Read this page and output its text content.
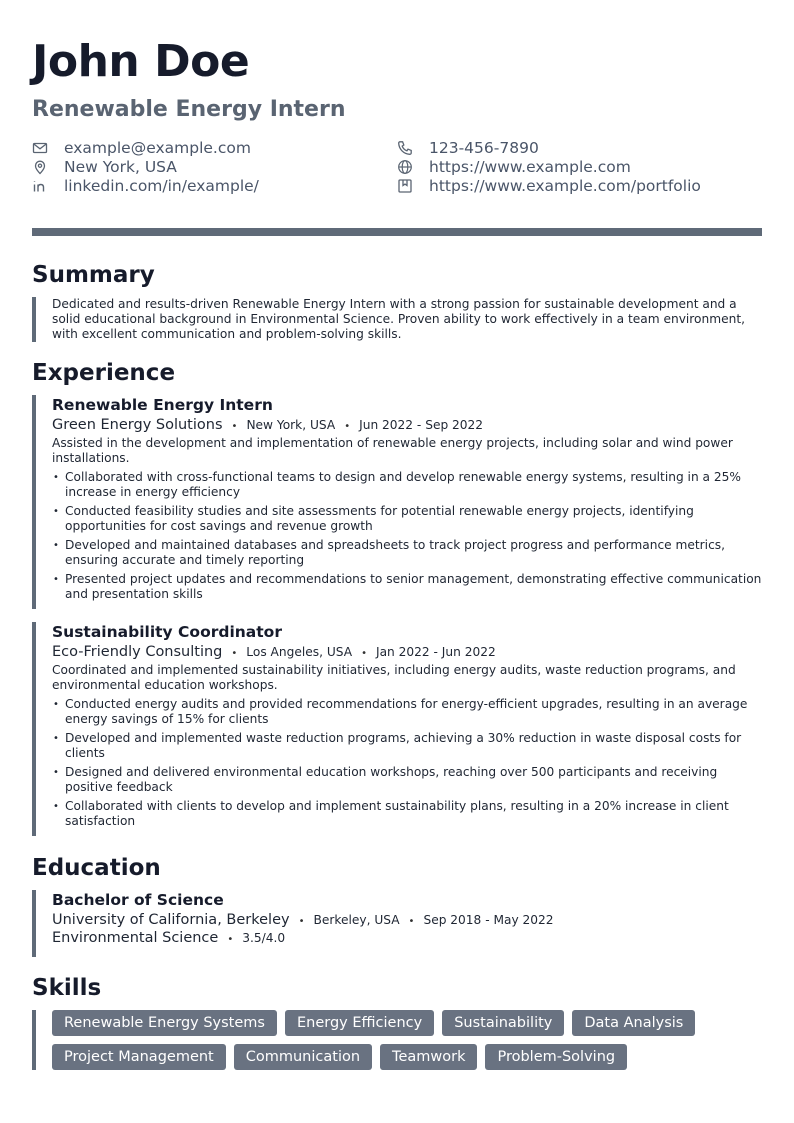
John Doe
Renewable Energy Intern
example@example.com
New York, USA
linkedin.com/in/example/
123-456-7890
https://www.example.com
https://www.example.com/portfolio
Summary

Dedicated and results-driven Renewable Energy Intern with a strong passion for sustainable development and a solid educational background in Environmental Science. Proven ability to work effectively in a team environment, with excellent communication and problem-solving skills.

Experience
Renewable Energy Intern
Green Energy Solutions • New York, USA • Jun 2022 - Sep 2022

Assisted in the development and implementation of renewable energy projects, including solar and wind power installations.

• Collaborated with cross-functional teams to design and develop renewable energy systems, resulting in a 25% increase in energy efficiency
• Conducted feasibility studies and site assessments for potential renewable energy projects, identifying opportunities for cost savings and revenue growth
• Developed and maintained databases and spreadsheets to track project progress and performance metrics, ensuring accurate and timely reporting
• Presented project updates and recommendations to senior management, demonstrating effective communication and presentation skills
Sustainability Coordinator
Eco-Friendly Consulting • Los Angeles, USA • Jan 2022 - Jun 2022

Coordinated and implemented sustainability initiatives, including energy audits, waste reduction programs, and environmental education workshops.

• Conducted energy audits and provided recommendations for energy-efficient upgrades, resulting in an average energy savings of 15% for clients
• Developed and implemented waste reduction programs, achieving a 30% reduction in waste disposal costs for clients
• Designed and delivered environmental education workshops, reaching over 500 participants and receiving positive feedback
• Collaborated with clients to develop and implement sustainability plans, resulting in a 20% increase in client satisfaction
Education
Bachelor of Science
University of California, Berkeley • Berkeley, USA • Sep 2018 - May 2022
Environmental Science • 3.5/4.0
Skills
Renewable Energy Systems	Energy Efficiency	Sustainability	Data Analysis
Project Management	Communication	Teamwork	Problem-Solving
